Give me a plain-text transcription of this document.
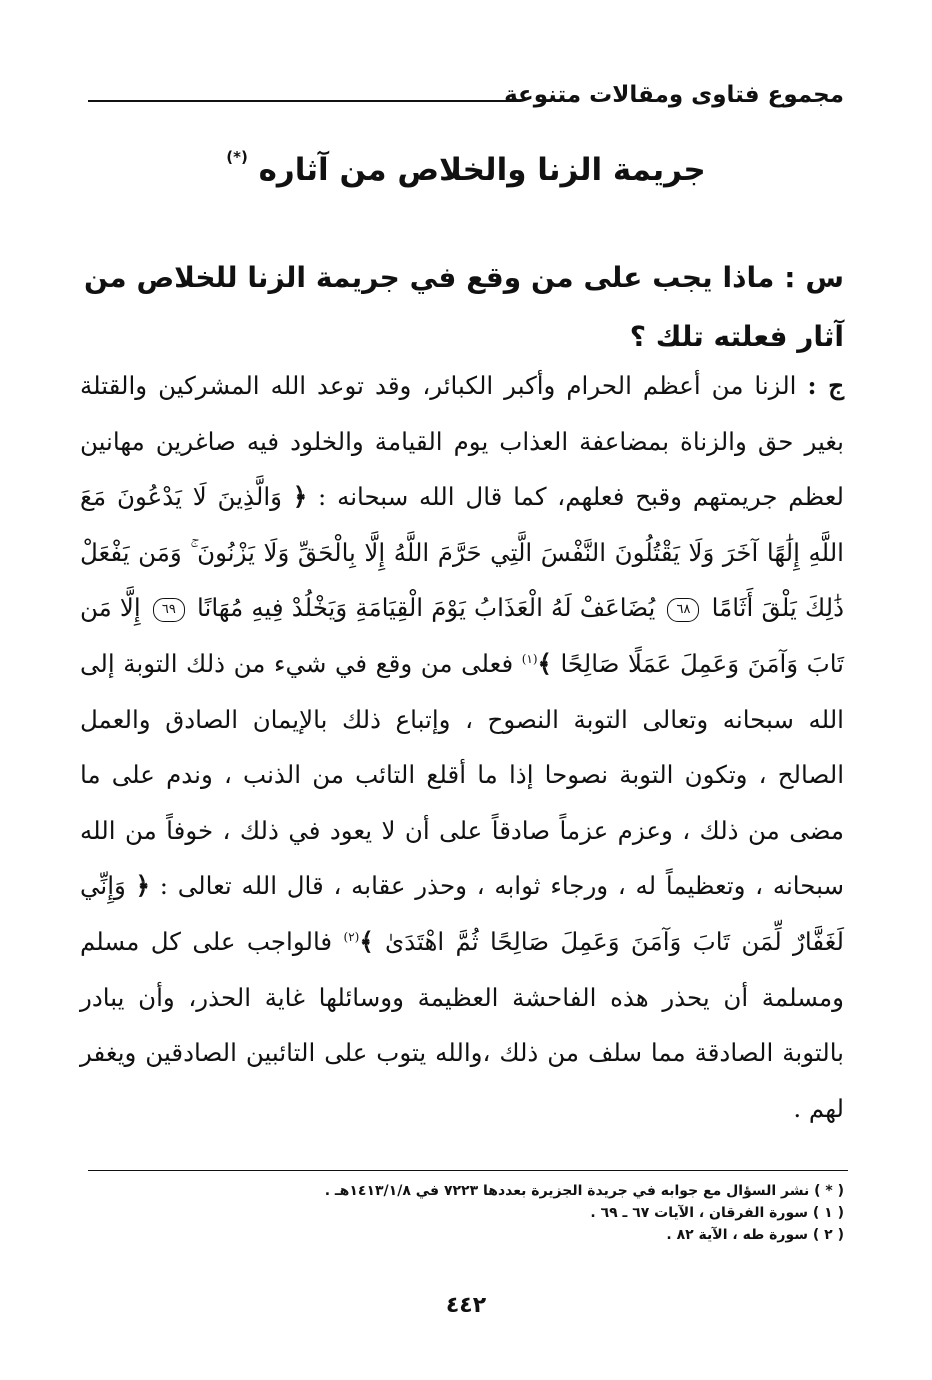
مجموع فتاوى ومقالات متنوعة
جريمة الزنا والخلاص من آثاره (*)
س : ماذا يجب على من وقع في جريمة الزنا للخلاص من آثار فعلته تلك ؟
ج : الزنا من أعظم الحرام وأكبر الكبائر، وقد توعد الله المشركين والقتلة بغير حق والزناة بمضاعفة العذاب يوم القيامة والخلود فيه صاغرين مهانين لعظم جريمتهم وقبح فعلهم، كما قال الله سبحانه : ﴿ وَالَّذِينَ لَا يَدْعُونَ مَعَ اللَّهِ إِلَٰهًا آخَرَ وَلَا يَقْتُلُونَ النَّفْسَ الَّتِي حَرَّمَ اللَّهُ إِلَّا بِالْحَقِّ وَلَا يَزْنُونَ ۚ وَمَن يَفْعَلْ ذَٰلِكَ يَلْقَ أَثَامًا ٦٨ يُضَاعَفْ لَهُ الْعَذَابُ يَوْمَ الْقِيَامَةِ وَيَخْلُدْ فِيهِ مُهَانًا ٦٩ إِلَّا مَن تَابَ وَآمَنَ وَعَمِلَ عَمَلًا صَالِحًا ﴾$^{(١)}$ فعلى من وقع في شيء من ذلك التوبة إلى الله سبحانه وتعالى التوبة النصوح ، وإتباع ذلك بالإيمان الصادق والعمل الصالح ، وتكون التوبة نصوحا إذا ما أقلع التائب من الذنب ، وندم على ما مضى من ذلك ، وعزم عزماً صادقاً على أن لا يعود في ذلك ، خوفاً من الله سبحانه ، وتعظيماً له ، ورجاء ثوابه ، وحذر عقابه ، قال الله تعالى : ﴿ وَإِنِّي لَغَفَّارٌ لِّمَن تَابَ وَآمَنَ وَعَمِلَ صَالِحًا ثُمَّ اهْتَدَىٰ ﴾$^{(٢)}$ فالواجب على كل مسلم ومسلمة أن يحذر هذه الفاحشة العظيمة ووسائلها غاية الحذر، وأن يبادر بالتوبة الصادقة مما سلف من ذلك ،والله يتوب على التائبين الصادقين ويغفر لهم .
( * ) نشر السؤال مع جوابه في جريدة الجزيرة بعددها ٧٢٢٣ في ١٤١٣/١/٨هـ .
( ١ ) سورة الفرقان ، الآيات ٦٧ ـ ٦٩ .
( ٢ ) سورة طه ، الآية ٨٢ .
٤٤٢
